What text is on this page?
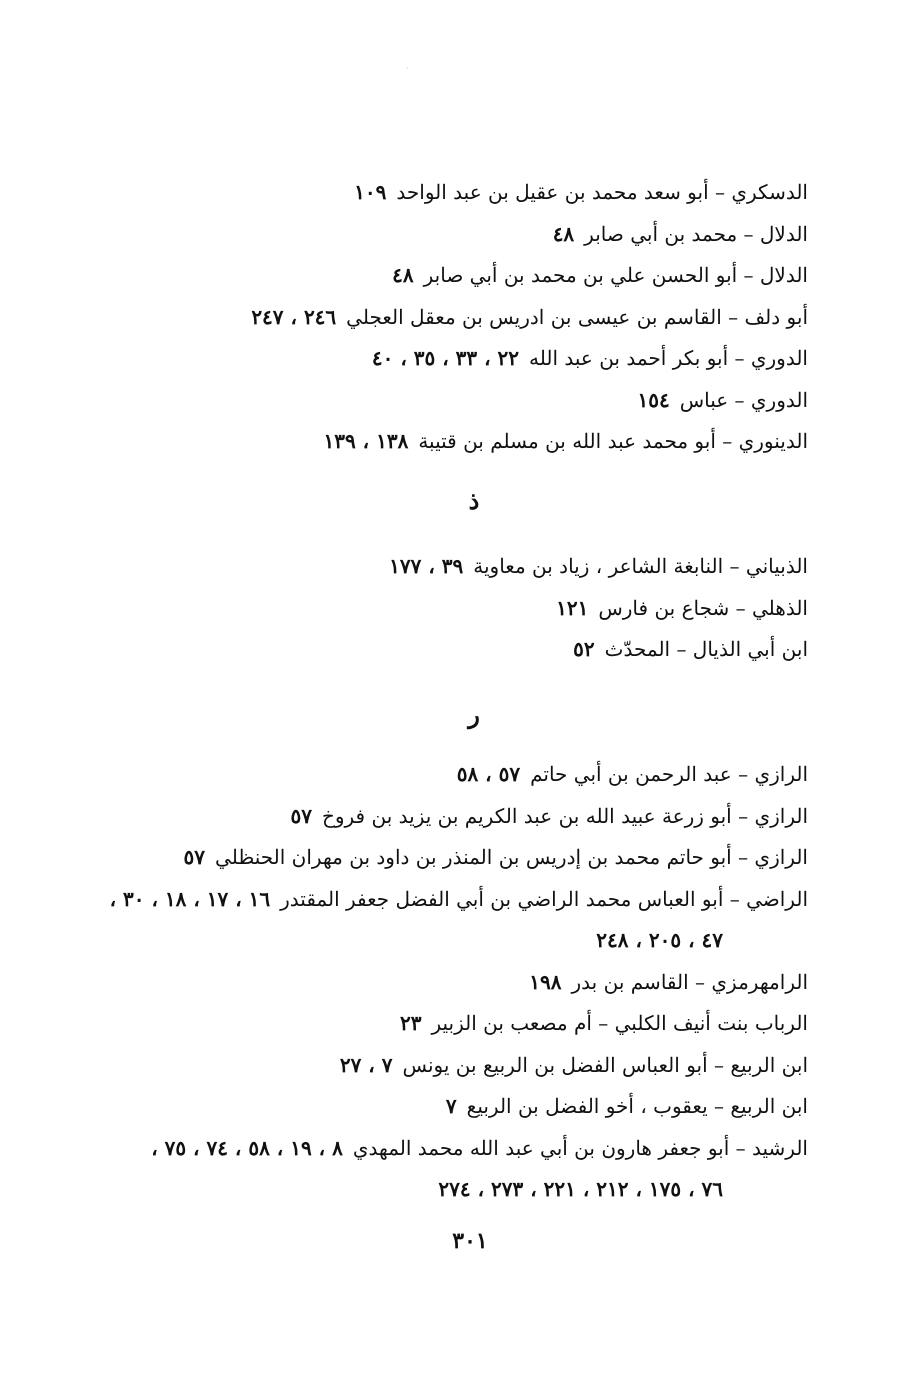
·
الدسكري – أبو سعد محمد بن عقيل بن عبد الواحد١٠٩
الدلال – محمد بن أبي صابر٤٨
الدلال – أبو الحسن علي بن محمد بن أبي صابر٤٨
أبو دلف – القاسم بن عيسى بن ادريس بن معقل العجلي٢٤٦ ، ٢٤٧
الدوري – أبو بكر أحمد بن عبد الله٢٢ ، ٣٣ ، ٣٥ ، ٤٠
الدوري – عباس١٥٤
الدينوري – أبو محمد عبد الله بن مسلم بن قتيبة١٣٨ ، ١٣٩
ذ
الذبياني – النابغة الشاعر ، زياد بن معاوية٣٩ ، ١٧٧
الذهلي – شجاع بن فارس١٢١
ابن أبي الذيال – المحدّث٥٢
ر
الرازي – عبد الرحمن بن أبي حاتم٥٧ ، ٥٨
الرازي – أبو زرعة عبيد الله بن عبد الكريم بن يزيد بن فروخ٥٧
الرازي – أبو حاتم محمد بن إدريس بن المنذر بن داود بن مهران الحنظلي٥٧
الراضي – أبو العباس محمد الراضي بن أبي الفضل جعفر المقتدر١٦ ، ١٧ ، ١٨ ، ٣٠ ،
٤٧ ، ٢٠٥ ، ٢٤٨
الرامهرمزي – القاسم بن بدر١٩٨
الرباب بنت أنيف الكلبي – أم مصعب بن الزبير٢٣
ابن الربيع – أبو العباس الفضل بن الربيع بن يونس٧ ، ٢٧
ابن الربيع – يعقوب ، أخو الفضل بن الربيع٧
الرشيد – أبو جعفر هارون بن أبي عبد الله محمد المهدي٨ ، ١٩ ، ٥٨ ، ٧٤ ، ٧٥ ،
٧٦ ، ١٧٥ ، ٢١٢ ، ٢٢١ ، ٢٧٣ ، ٢٧٤
٣٠١
